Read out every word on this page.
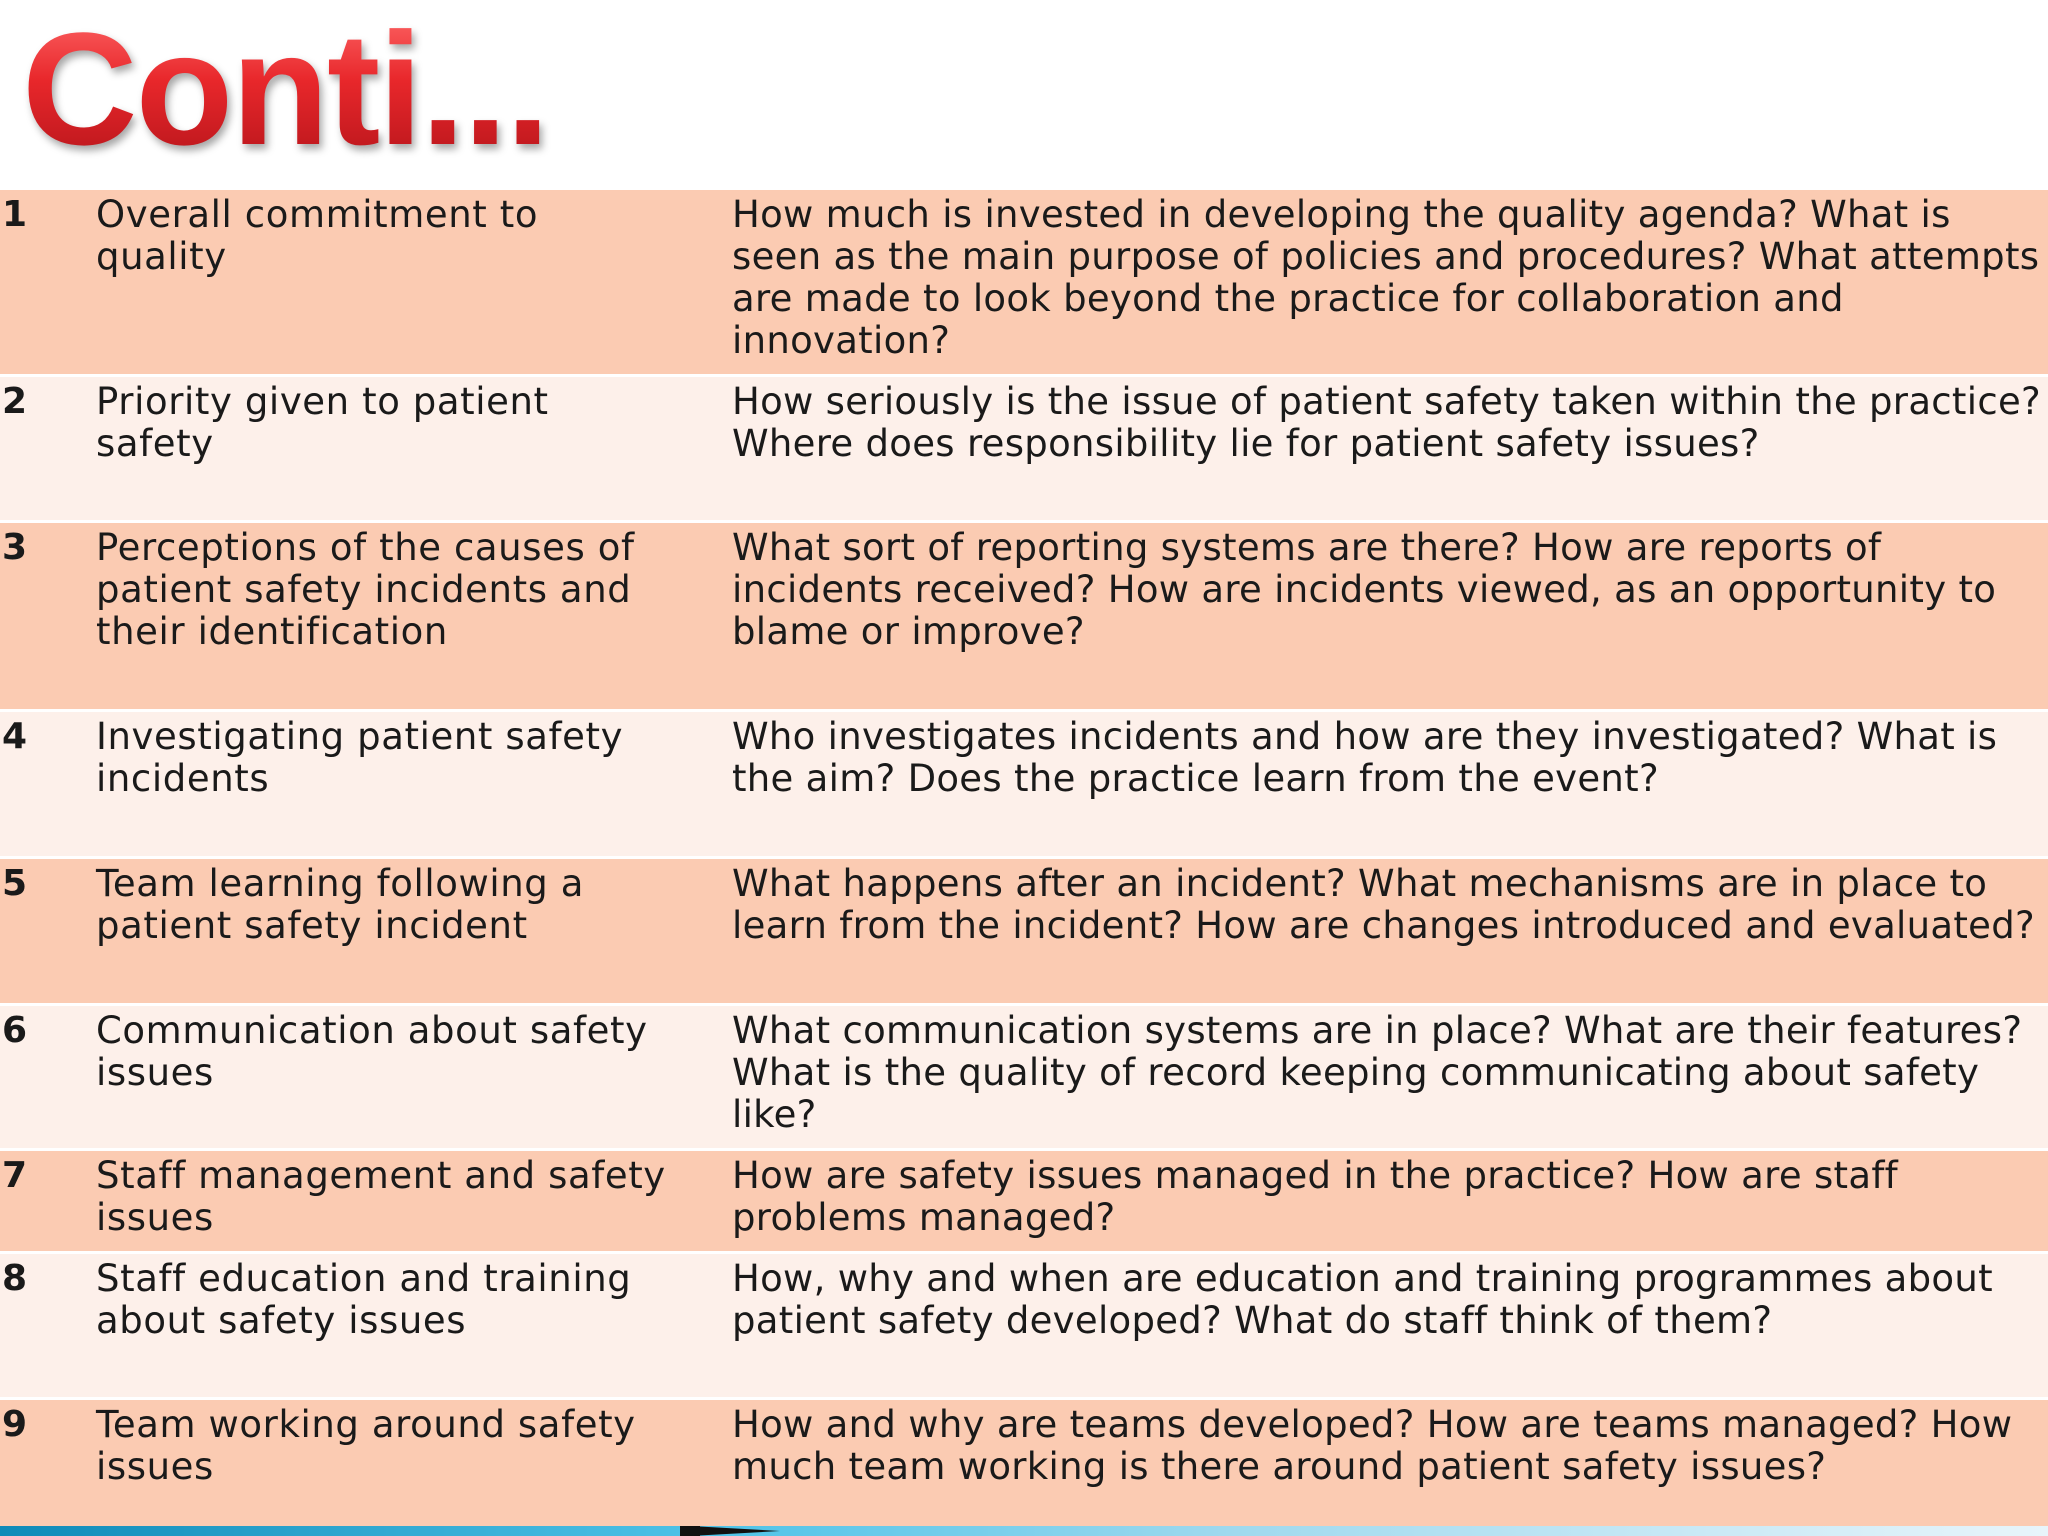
Conti...
1 Overall commitment to quality
How much is invested in developing the quality agenda? What is seen as the main purpose of policies and procedures? What attempts are made to look beyond the practice for collaboration and innovation?
2 Priority given to patient safety
How seriously is the issue of patient safety taken within the practice? Where does responsibility lie for patient safety issues?
3 Perceptions of the causes of patient safety incidents and their identification
What sort of reporting systems are there? How are reports of incidents received? How are incidents viewed, as an opportunity to blame or improve?
4 Investigating patient safety incidents
Who investigates incidents and how are they investigated? What is the aim? Does the practice learn from the event?
5 Team learning following a patient safety incident
What happens after an incident? What mechanisms are in place to learn from the incident? How are changes introduced and evaluated?
6 Communication about safety issues
What communication systems are in place? What are their features? What is the quality of record keeping communicating about safety like?
7 Staff management and safety issues
How are safety issues managed in the practice? How are staff problems managed?
8 Staff education and training about safety issues
How, why and when are education and training programmes about patient safety developed? What do staff think of them?
9 Team working around safety issues
How and why are teams developed? How are teams managed? How much team working is there around patient safety issues?
